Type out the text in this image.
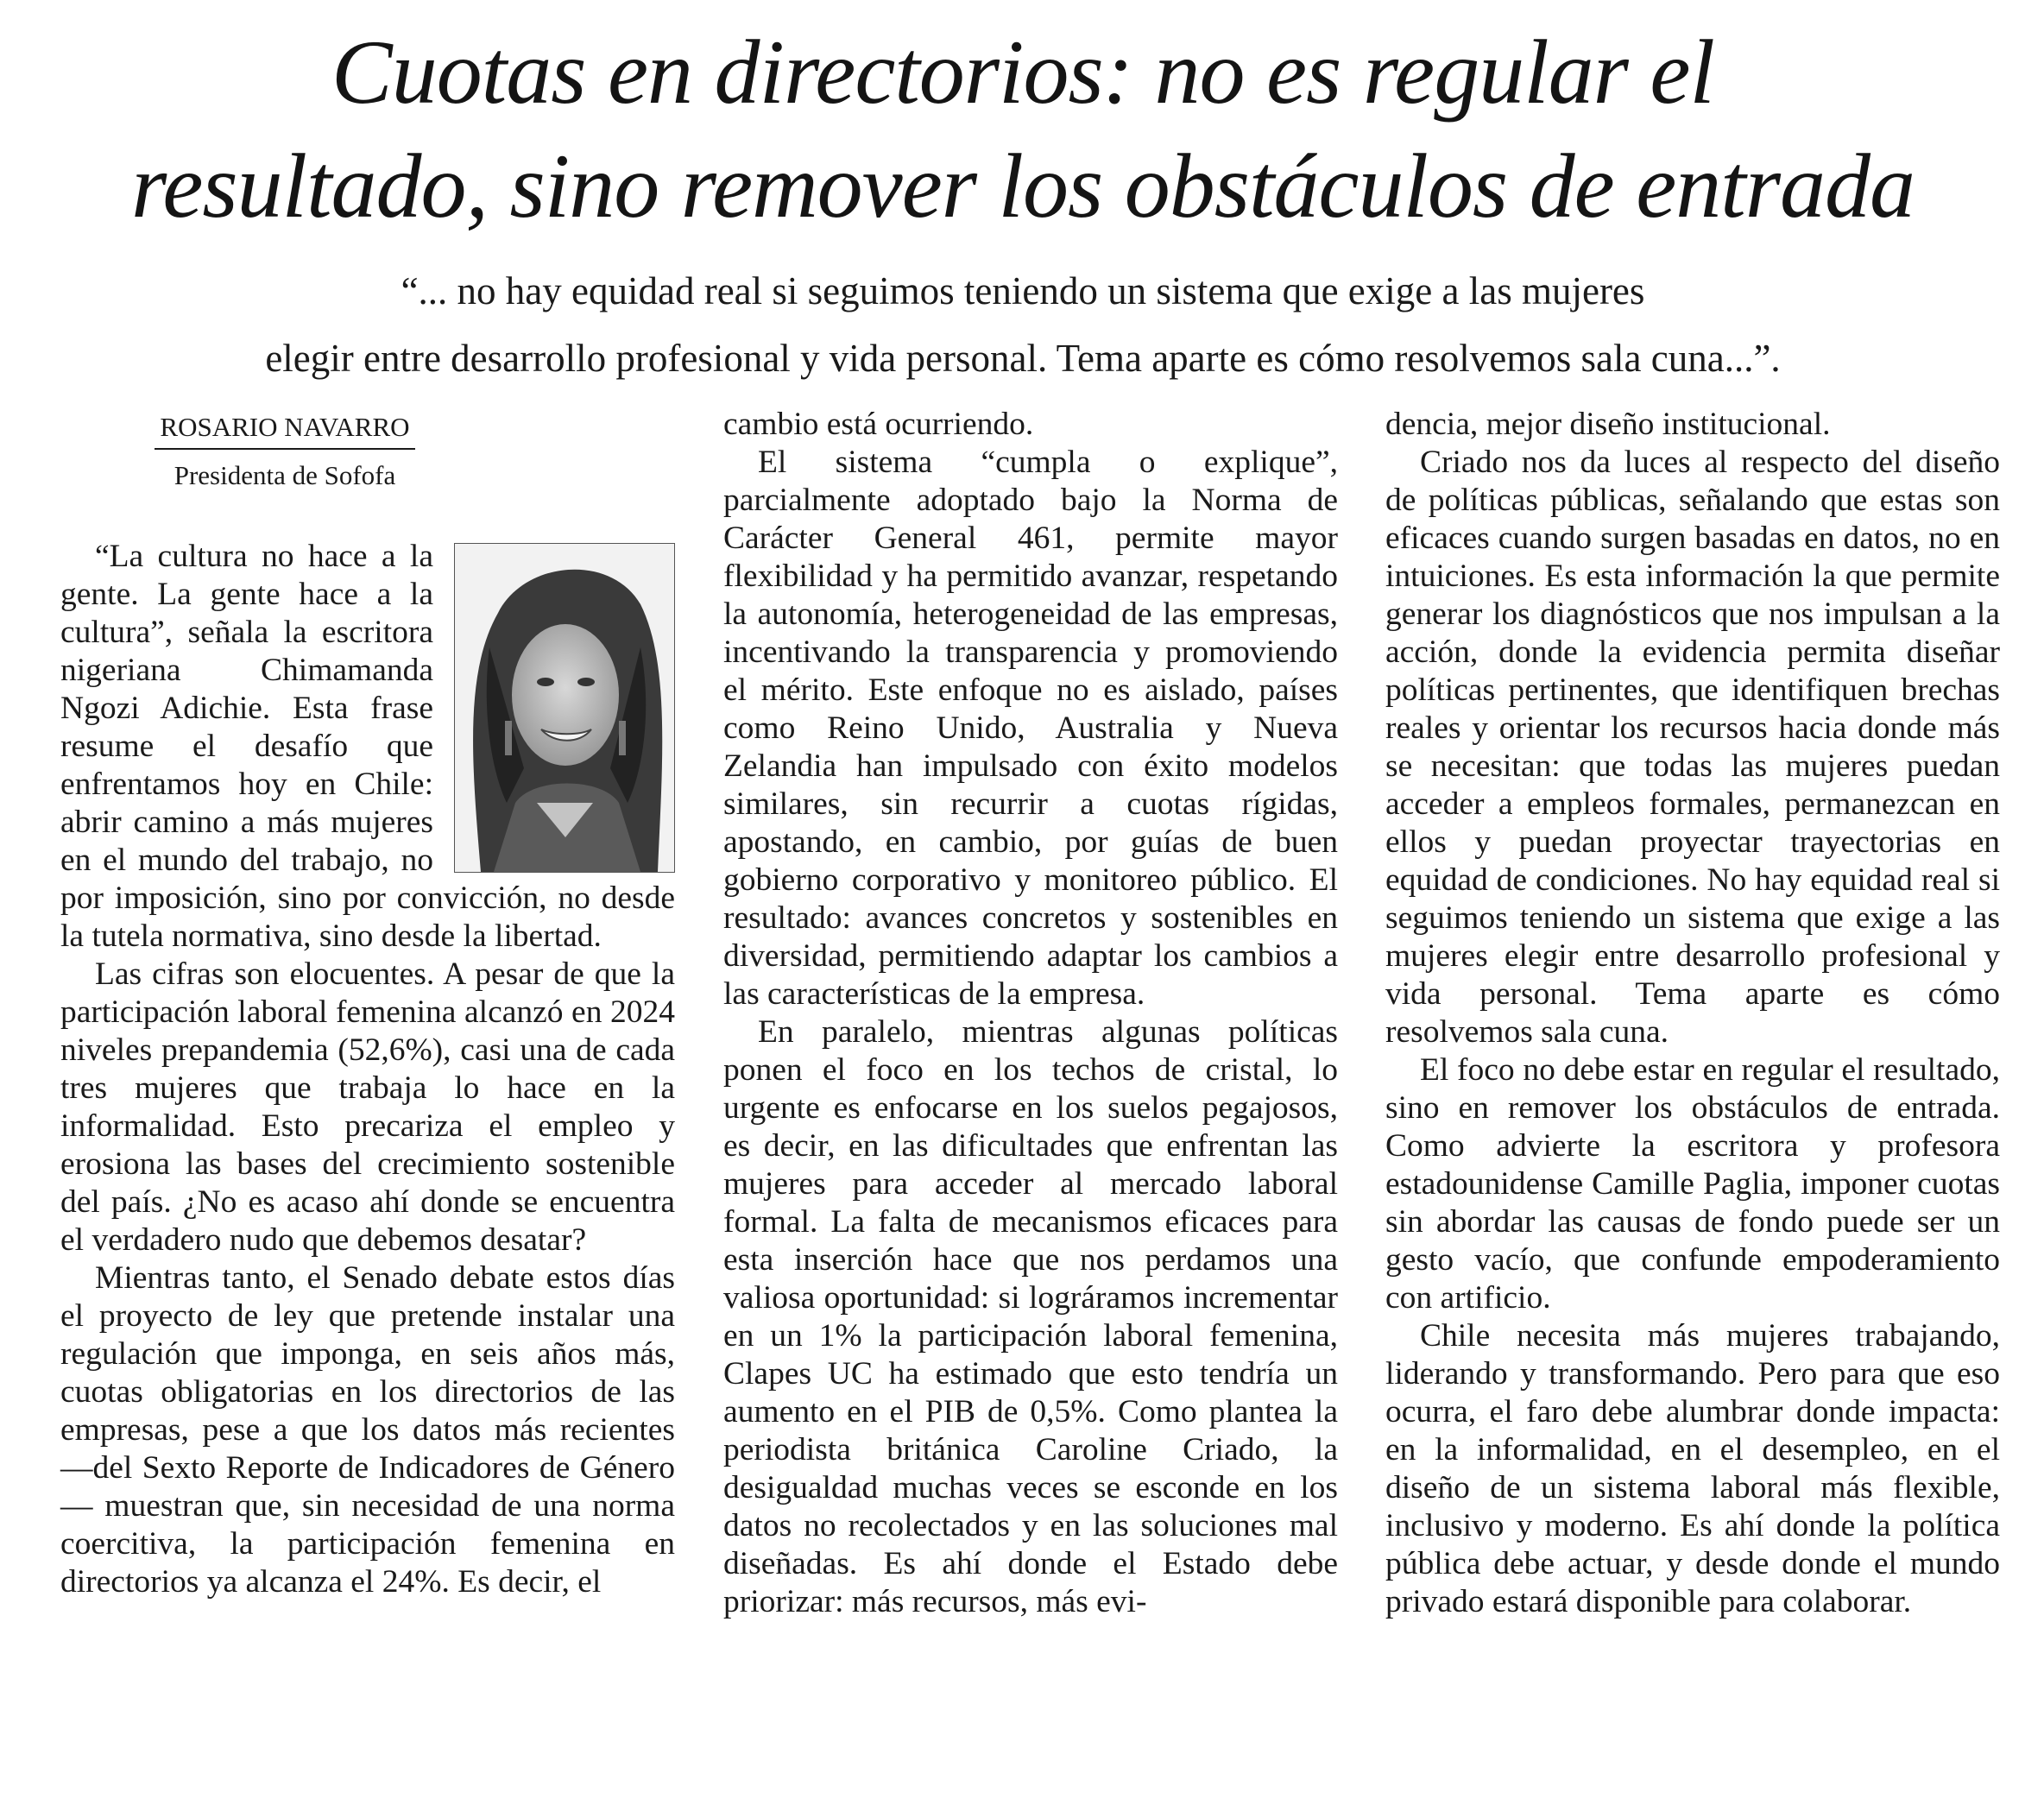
Cuotas en directorios: no es regular el
resultado, sino remover los obstáculos de entrada

“... no hay equidad real si seguimos teniendo un sistema que exige a las mujeres
elegir entre desarrollo profesional y vida personal. Tema aparte es cómo resolvemos sala cuna...”.

ROSARIO NAVARRO
Presidenta de Sofofa

“La cultura no hace a la gente. La gente hace a la cultura”, señala la escritora nigeriana Chimamanda Ngozi Adichie. Esta frase resume el desafío que enfrentamos hoy en Chile: abrir camino a más mujeres en el mundo del trabajo, no por imposición, sino por convicción, no desde la tutela normativa, sino desde la libertad.

Las cifras son elocuentes. A pesar de que la participación laboral femenina alcanzó en 2024 niveles prepandemia (52,6%), casi una de cada tres mujeres que trabaja lo hace en la informalidad. Esto precariza el empleo y erosiona las bases del crecimiento sostenible del país. ¿No es acaso ahí donde se encuentra el verdadero nudo que debemos desatar?

Mientras tanto, el Senado debate estos días el proyecto de ley que pretende instalar una regulación que imponga, en seis años más, cuotas obligatorias en los directorios de las empresas, pese a que los datos más recientes —del Sexto Reporte de Indicadores de Género— muestran que, sin necesidad de una norma coercitiva, la participación femenina en directorios ya alcanza el 24%. Es decir, el

cambio está ocurriendo.

El sistema “cumpla o explique”, parcialmente adoptado bajo la Norma de Carácter General 461, permite mayor flexibilidad y ha permitido avanzar, respetando la autonomía, heterogeneidad de las empresas, incentivando la transparencia y promoviendo el mérito. Este enfoque no es aislado, países como Reino Unido, Australia y Nueva Zelandia han impulsado con éxito modelos similares, sin recurrir a cuotas rígidas, apostando, en cambio, por guías de buen gobierno corporativo y monitoreo público. El resultado: avances concretos y sostenibles en diversidad, permitiendo adaptar los cambios a las características de la empresa.

En paralelo, mientras algunas políticas ponen el foco en los techos de cristal, lo urgente es enfocarse en los suelos pegajosos, es decir, en las dificultades que enfrentan las mujeres para acceder al mercado laboral formal. La falta de mecanismos eficaces para esta inserción hace que nos perdamos una valiosa oportunidad: si lográramos incrementar en un 1% la participación laboral femenina, Clapes UC ha estimado que esto tendría un aumento en el PIB de 0,5%. Como plantea la periodista británica Caroline Criado, la desigualdad muchas veces se esconde en los datos no recolectados y en las soluciones mal diseñadas. Es ahí donde el Estado debe priorizar: más recursos, más evi-

dencia, mejor diseño institucional.

Criado nos da luces al respecto del diseño de políticas públicas, señalando que estas son eficaces cuando surgen basadas en datos, no en intuiciones. Es esta información la que permite generar los diagnósticos que nos impulsan a la acción, donde la evidencia permita diseñar políticas pertinentes, que identifiquen brechas reales y orientar los recursos hacia donde más se necesitan: que todas las mujeres puedan acceder a empleos formales, permanezcan en ellos y puedan proyectar trayectorias en equidad de condiciones. No hay equidad real si seguimos teniendo un sistema que exige a las mujeres elegir entre desarrollo profesional y vida personal. Tema aparte es cómo resolvemos sala cuna.

El foco no debe estar en regular el resultado, sino en remover los obstáculos de entrada. Como advierte la escritora y profesora estadounidense Camille Paglia, imponer cuotas sin abordar las causas de fondo puede ser un gesto vacío, que confunde empoderamiento con artificio.

Chile necesita más mujeres trabajando, liderando y transformando. Pero para que eso ocurra, el faro debe alumbrar donde impacta: en la informalidad, en el desempleo, en el diseño de un sistema laboral más flexible, inclusivo y moderno. Es ahí donde la política pública debe actuar, y desde donde el mundo privado estará disponible para colaborar.
